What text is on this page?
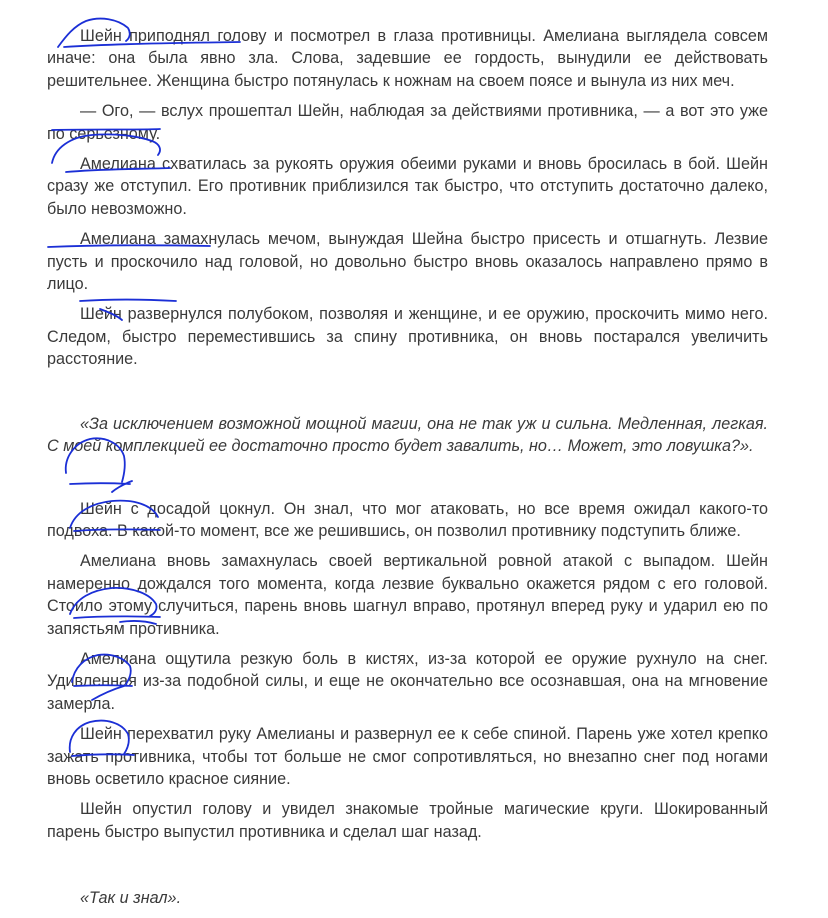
Шейн приподнял голову и посмотрел в глаза противницы. Амелиана выглядела совсем иначе: она была явно зла. Слова, задевшие ее гордость, вынудили ее действовать решительнее. Женщина быстро потянулась к ножнам на своем поясе и вынула из них меч.

— Ого, — вслух прошептал Шейн, наблюдая за действиями противника, — а вот это уже по серьезному.

Амелиана схватилась за рукоять оружия обеими руками и вновь бросилась в бой. Шейн сразу же отступил. Его противник приблизился так быстро, что отступить достаточно далеко, было невозможно.

Амелиана замахнулась мечом, вынуждая Шейна быстро присесть и отшагнуть. Лезвие пусть и проскочило над головой, но довольно быстро вновь оказалось направлено прямо в лицо.

Шейн развернулся полубоком, позволяя и женщине, и ее оружию, проскочить мимо него. Следом, быстро переместившись за спину противника, он вновь постарался увеличить расстояние.

«За исключением возможной мощной магии, она не так уж и сильна. Медленная, легкая. С моей комплекцией ее достаточно просто будет завалить, но… Может, это ловушка?».

Шейн с досадой цокнул. Он знал, что мог атаковать, но все время ожидал какого-то подвоха. В какой-то момент, все же решившись, он позволил противнику подступить ближе.

Амелиана вновь замахнулась своей вертикальной ровной атакой с выпадом. Шейн намеренно дождался того момента, когда лезвие буквально окажется рядом с его головой. Стоило этому случиться, парень вновь шагнул вправо, протянул вперед руку и ударил ею по запястьям противника.

Амелиана ощутила резкую боль в кистях, из-за которой ее оружие рухнуло на снег. Удивленная из-за подобной силы, и еще не окончательно все осознавшая, она на мгновение замерла.

Шейн перехватил руку Амелианы и развернул ее к себе спиной. Парень уже хотел крепко зажать противника, чтобы тот больше не смог сопротивляться, но внезапно снег под ногами вновь осветило красное сияние.

Шейн опустил голову и увидел знакомые тройные магические круги. Шокированный парень быстро выпустил противника и сделал шаг назад.

«Так и знал».
